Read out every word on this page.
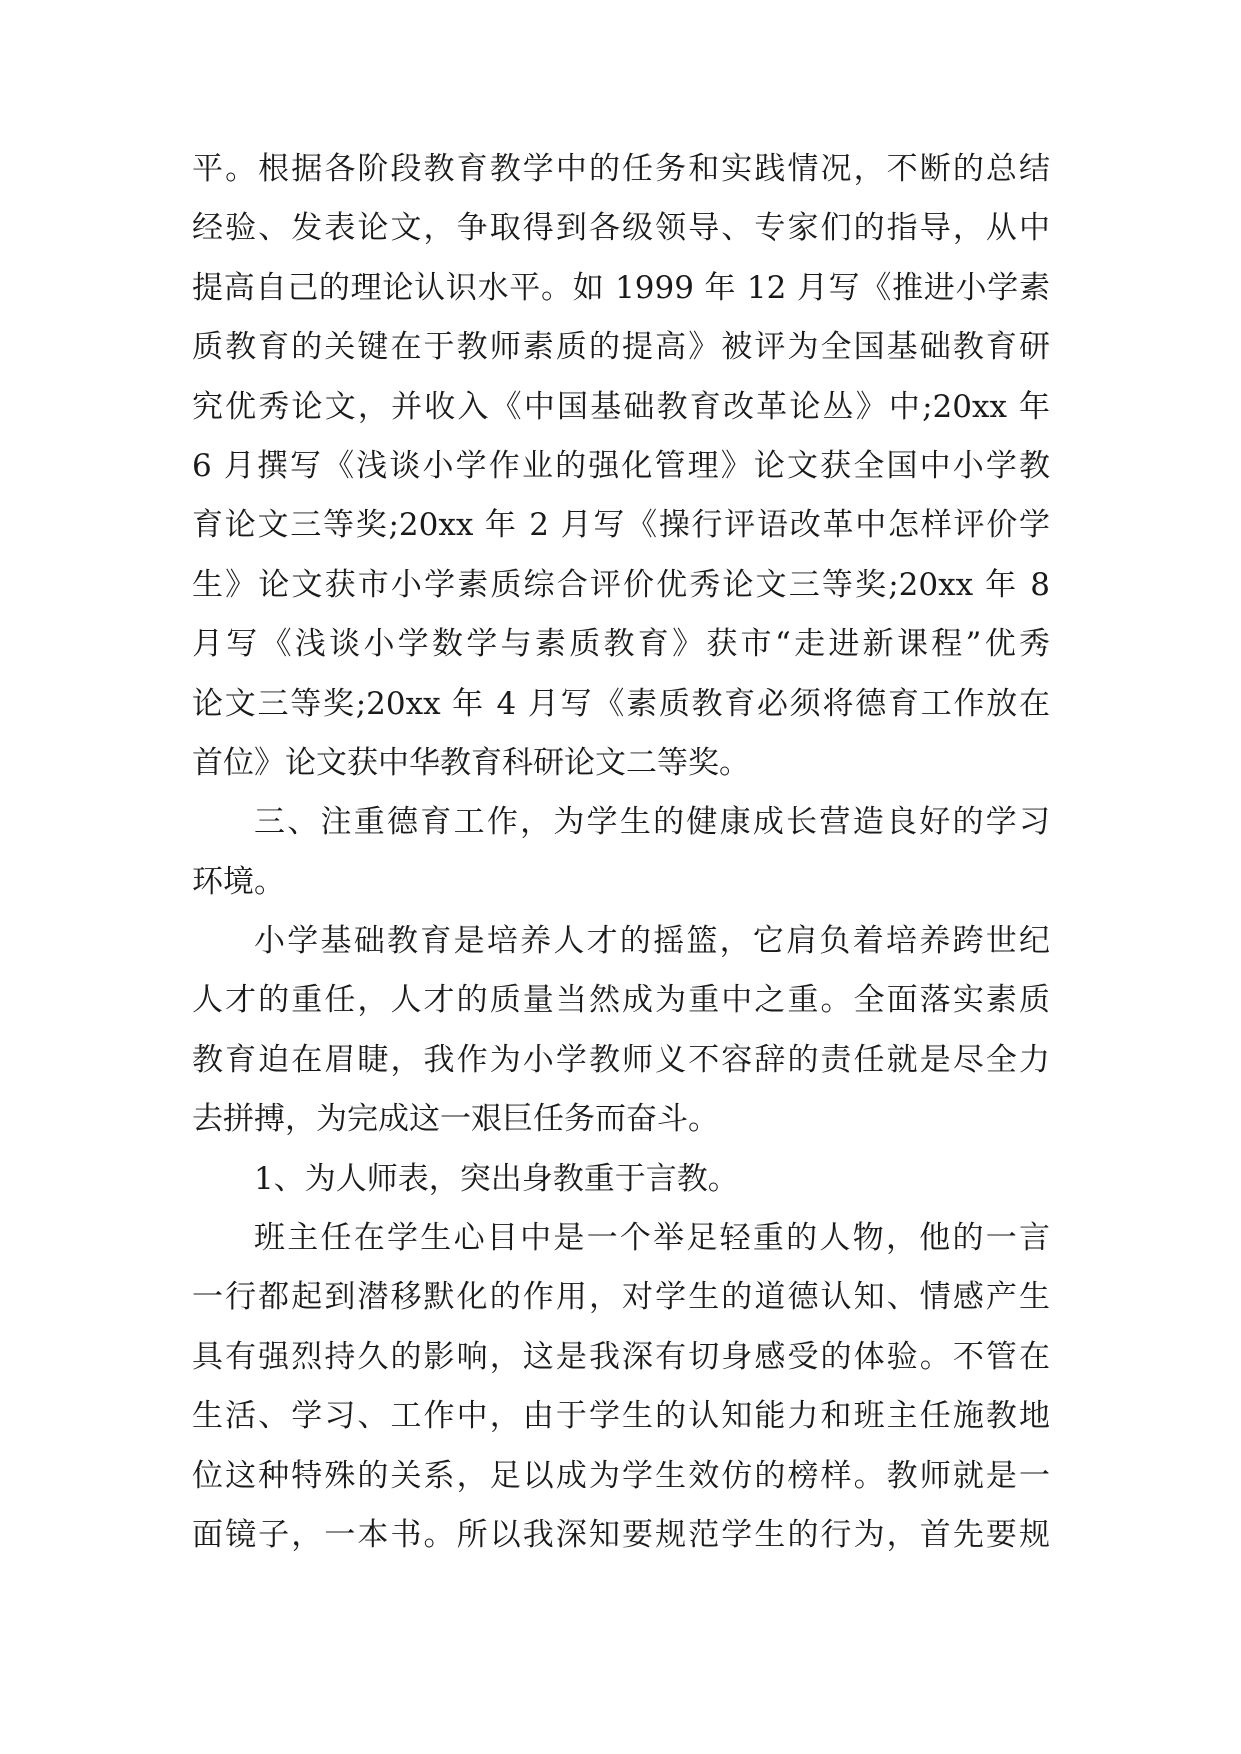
平。根据各阶段教育教学中的任务和实践情况，不断的总结
经验、发表论文，争取得到各级领导、专家们的指导，从中
提高自己的理论认识水平。如 1999 年 12 月写《推进小学素
质教育的关键在于教师素质的提高》被评为全国基础教育研
究优秀论文，并收入《中国基础教育改革论丛》中;20xx 年
6 月撰写《浅谈小学作业的强化管理》论文获全国中小学教
育论文三等奖;20xx 年 2 月写《操行评语改革中怎样评价学
生》论文获市小学素质综合评价优秀论文三等奖;20xx 年 8
月写《浅谈小学数学与素质教育》获市“走进新课程”优秀
论文三等奖;20xx 年 4 月写《素质教育必须将德育工作放在
首位》论文获中华教育科研论文二等奖。
三、注重德育工作，为学生的健康成长营造良好的学习
环境。
小学基础教育是培养人才的摇篮，它肩负着培养跨世纪
人才的重任，人才的质量当然成为重中之重。全面落实素质
教育迫在眉睫，我作为小学教师义不容辞的责任就是尽全力
去拼搏，为完成这一艰巨任务而奋斗。
1、为人师表，突出身教重于言教。
班主任在学生心目中是一个举足轻重的人物，他的一言
一行都起到潜移默化的作用，对学生的道德认知、情感产生
具有强烈持久的影响，这是我深有切身感受的体验。不管在
生活、学习、工作中，由于学生的认知能力和班主任施教地
位这种特殊的关系，足以成为学生效仿的榜样。教师就是一
面镜子，一本书。所以我深知要规范学生的行为，首先要规
